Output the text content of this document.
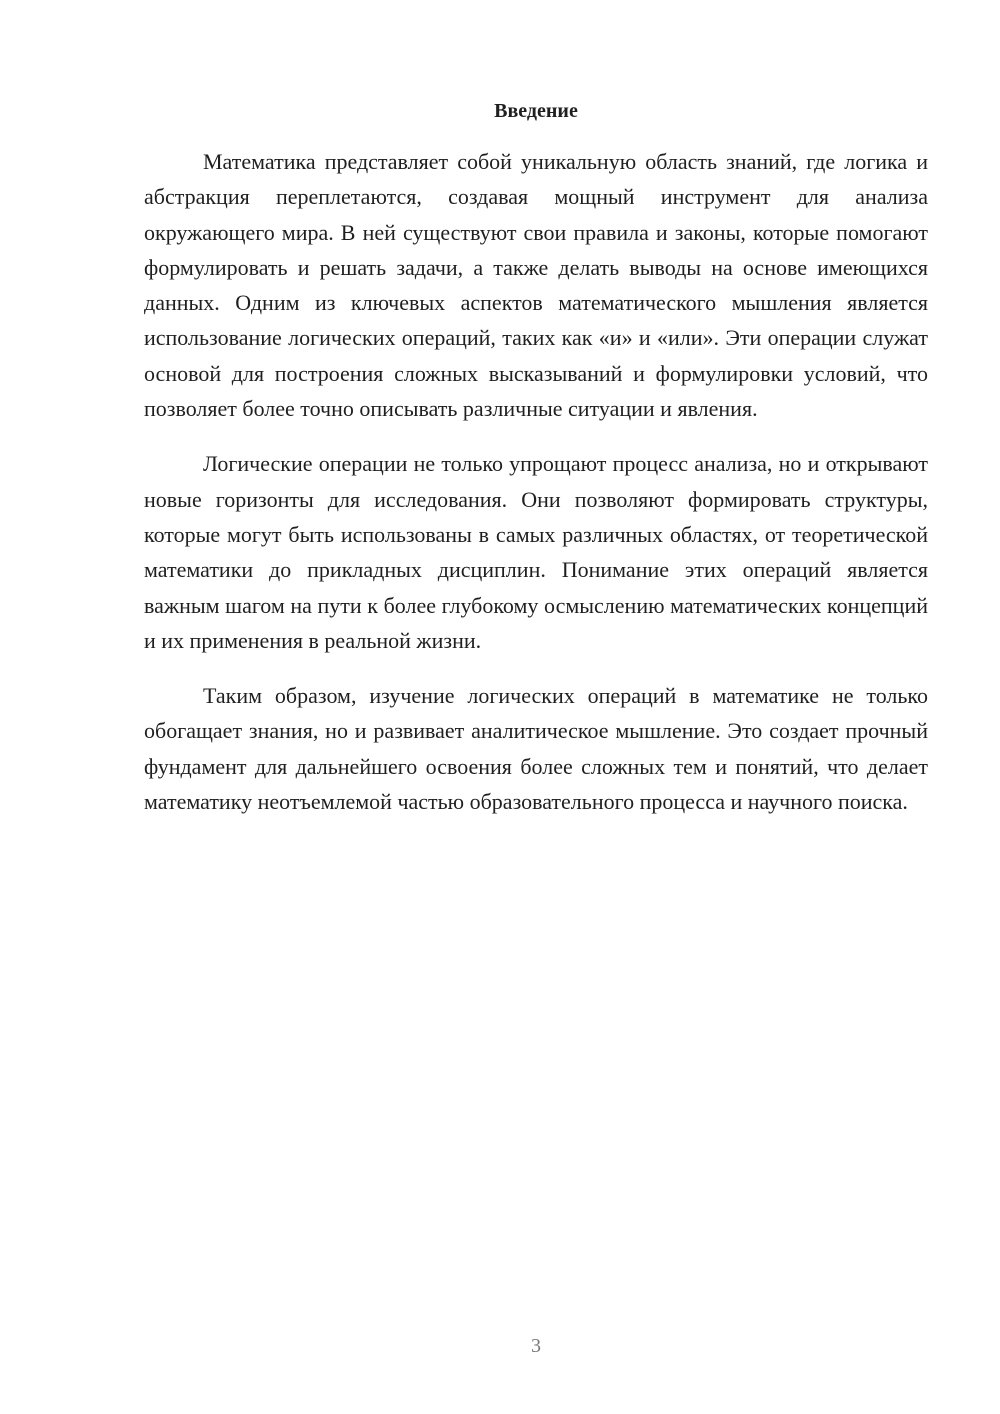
Введение

Математика представляет собой уникальную область знаний, где логика и абстракция переплетаются, создавая мощный инструмент для анализа окружающего мира. В ней существуют свои правила и законы, которые помогают формулировать и решать задачи, а также делать выводы на основе имеющихся данных. Одним из ключевых аспектов математического мышления является использование логических операций, таких как «и» и «или». Эти операции служат основой для построения сложных высказываний и формулировки условий, что позволяет более точно описывать различные ситуации и явления.

Логические операции не только упрощают процесс анализа, но и открывают новые горизонты для исследования. Они позволяют формировать структуры, которые могут быть использованы в самых различных областях, от теоретической математики до прикладных дисциплин. Понимание этих операций является важным шагом на пути к более глубокому осмыслению математических концепций и их применения в реальной жизни.

Таким образом, изучение логических операций в математике не только обогащает знания, но и развивает аналитическое мышление. Это создает прочный фундамент для дальнейшего освоения более сложных тем и понятий, что делает математику неотъемлемой частью образовательного процесса и научного поиска.

3
